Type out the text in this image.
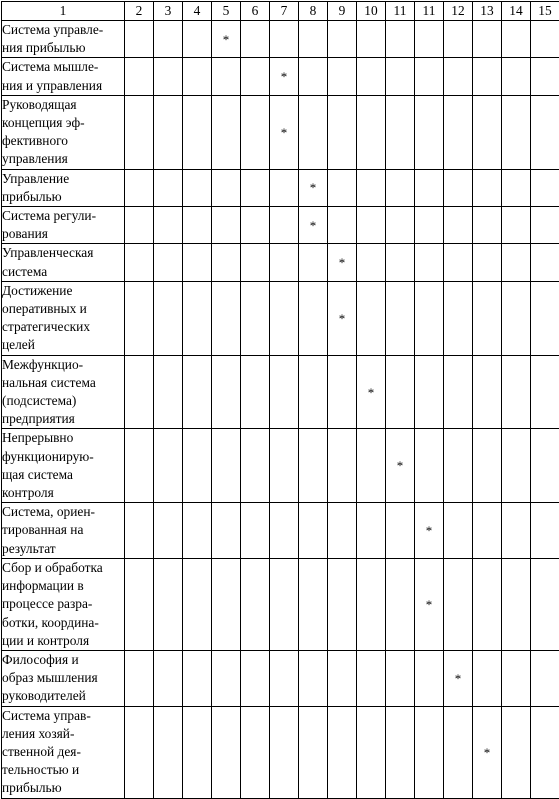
1	2	3	4	5	6	7	8	9	10	11	11	12	13	14	15
Система управле-
ния прибылью				*											
Система мышле-
ния и управления						*									
Руководящая
концепция эф-
фективного
управления						*									
Управление
прибылью							*								
Система регули-
рования							*								
Управленческая
система								*							
Достижение
оперативных и
стратегических
целей								*							
Межфункцио-
нальная система
(подсистема)
предприятия									*						
Непрерывно
функционирую-
щая система
контроля										*					
Система, ориен-
тированная на
результат											*				
Сбор и обработка
информации в
процессе разра-
ботки, координа-
ции и контроля											*				
Философия и
образ мышления
руководителей												*			
Система управ-
ления хозяй-
ственной дея-
тельностью и
прибылью													*		
